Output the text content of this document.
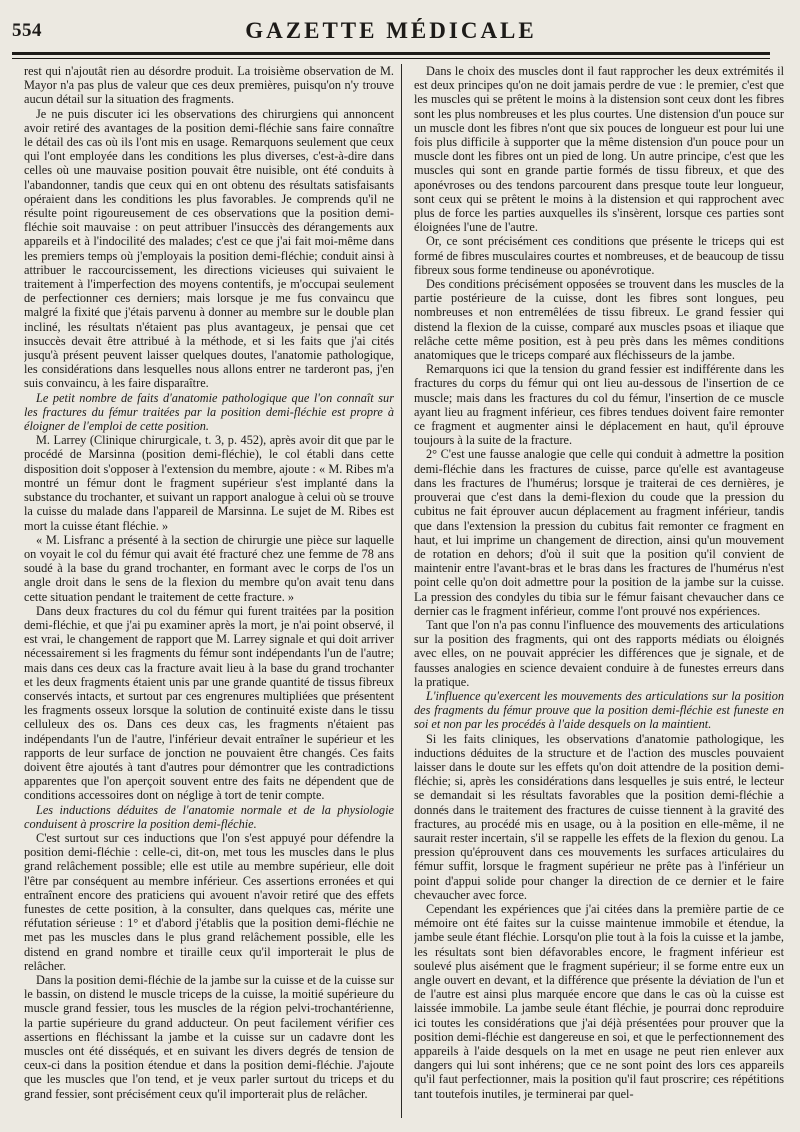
554	GAZETTE MÉDICALE

rest qui n'ajoutât rien au désordre produit. La troisième observation de M. Mayor n'a pas plus de valeur que ces deux premières, puisqu'on n'y trouve aucun détail sur la situation des fragments.

Je ne puis discuter ici les observations des chirurgiens qui annoncent avoir retiré des avantages de la position demi-fléchie sans faire connaître le détail des cas où ils l'ont mis en usage. Remarquons seulement que ceux qui l'ont employée dans les conditions les plus diverses, c'est-à-dire dans celles où une mauvaise position pouvait être nuisible, ont été conduits à l'abandonner, tandis que ceux qui en ont obtenu des résultats satisfaisants opéraient dans les conditions les plus favorables. Je comprends qu'il ne résulte point rigoureusement de ces observations que la position demi-fléchie soit mauvaise : on peut attribuer l'insuccès des dérangements aux appareils et à l'indocilité des malades; c'est ce que j'ai fait moi-même dans les premiers temps où j'employais la position demi-fléchie; conduit ainsi à attribuer le raccourcissement, les directions vicieuses qui suivaient le traitement à l'imperfection des moyens contentifs, je m'occupai seulement de perfectionner ces derniers; mais lorsque je me fus convaincu que malgré la fixité que j'étais parvenu à donner au membre sur le double plan incliné, les résultats n'étaient pas plus avantageux, je pensai que cet insuccès devait être attribué à la méthode, et si les faits que j'ai cités jusqu'à présent peuvent laisser quelques doutes, l'anatomie pathologique, les considérations dans lesquelles nous allons entrer ne tarderont pas, j'en suis convaincu, à les faire disparaître.

Le petit nombre de faits d'anatomie pathologique que l'on connaît sur les fractures du fémur traitées par la position demi-fléchie est propre à éloigner de l'emploi de cette position.

M. Larrey (Clinique chirurgicale, t. 3, p. 452), après avoir dit que par le procédé de Marsinna (position demi-fléchie), le col établi dans cette disposition doit s'opposer à l'extension du membre, ajoute : « M. Ribes m'a montré un fémur dont le fragment supérieur s'est implanté dans la substance du trochanter, et suivant un rapport analogue à celui où se trouve la cuisse du malade dans l'appareil de Marsinna. Le sujet de M. Ribes est mort la cuisse étant fléchie. »

« M. Lisfranc a présenté à la section de chirurgie une pièce sur laquelle on voyait le col du fémur qui avait été fracturé chez une femme de 78 ans soudé à la base du grand trochanter, en formant avec le corps de l'os un angle droit dans le sens de la flexion du membre qu'on avait tenu dans cette situation pendant le traitement de cette fracture. »

Dans deux fractures du col du fémur qui furent traitées par la position demi-fléchie, et que j'ai pu examiner après la mort, je n'ai point observé, il est vrai, le changement de rapport que M. Larrey signale et qui doit arriver nécessairement si les fragments du fémur sont indépendants l'un de l'autre; mais dans ces deux cas la fracture avait lieu à la base du grand trochanter et les deux fragments étaient unis par une grande quantité de tissus fibreux conservés intacts, et surtout par ces engrenures multipliées que présentent les fragments osseux lorsque la solution de continuité existe dans le tissu celluleux des os. Dans ces deux cas, les fragments n'étaient pas indépendants l'un de l'autre, l'inférieur devait entraîner le supérieur et les rapports de leur surface de jonction ne pouvaient être changés. Ces faits doivent être ajoutés à tant d'autres pour démontrer que les contradictions apparentes que l'on aperçoit souvent entre des faits ne dépendent que de conditions accessoires dont on néglige à tort de tenir compte.

Les inductions déduites de l'anatomie normale et de la physiologie conduisent à proscrire la position demi-fléchie.

C'est surtout sur ces inductions que l'on s'est appuyé pour défendre la position demi-fléchie : celle-ci, dit-on, met tous les muscles dans le plus grand relâchement possible; elle est utile au membre supérieur, elle doit l'être par conséquent au membre inférieur. Ces assertions erronées et qui entraînent encore des praticiens qui avouent n'avoir retiré que des effets funestes de cette position, à la consulter, dans quelques cas, mérite une réfutation sérieuse : 1° et d'abord j'établis que la position demi-fléchie ne met pas les muscles dans le plus grand relâchement possible, elle les distend en grand nombre et tiraille ceux qu'il importerait le plus de relâcher.

Dans la position demi-fléchie de la jambe sur la cuisse et de la cuisse sur le bassin, on distend le muscle triceps de la cuisse, la moitié supérieure du muscle grand fessier, tous les muscles de la région pelvi-trochantérienne, la partie supérieure du grand adducteur. On peut facilement vérifier ces assertions en fléchissant la jambe et la cuisse sur un cadavre dont les muscles ont été disséqués, et en suivant les divers degrés de tension de ceux-ci dans la position étendue et dans la position demi-fléchie. J'ajoute que les muscles que l'on tend, et je veux parler surtout du triceps et du grand fessier, sont précisément ceux qu'il importerait plus de relâcher.

Dans le choix des muscles dont il faut rapprocher les deux extrémités il est deux principes qu'on ne doit jamais perdre de vue : le premier, c'est que les muscles qui se prêtent le moins à la distension sont ceux dont les fibres sont les plus nombreuses et les plus courtes. Une distension d'un pouce sur un muscle dont les fibres n'ont que six pouces de longueur est pour lui une fois plus difficile à supporter que la même distension d'un pouce pour un muscle dont les fibres ont un pied de long. Un autre principe, c'est que les muscles qui sont en grande partie formés de tissu fibreux, et que des aponévroses ou des tendons parcourent dans presque toute leur longueur, sont ceux qui se prêtent le moins à la distension et qui rapprochent avec plus de force les parties auxquelles ils s'insèrent, lorsque ces parties sont éloignées l'une de l'autre.

Or, ce sont précisément ces conditions que présente le triceps qui est formé de fibres musculaires courtes et nombreuses, et de beaucoup de tissu fibreux sous forme tendineuse ou aponévrotique.

Des conditions précisément opposées se trouvent dans les muscles de la partie postérieure de la cuisse, dont les fibres sont longues, peu nombreuses et non entremêlées de tissu fibreux. Le grand fessier qui distend la flexion de la cuisse, comparé aux muscles psoas et iliaque que relâche cette même position, est à peu près dans les mêmes conditions anatomiques que le triceps comparé aux fléchisseurs de la jambe.

Remarquons ici que la tension du grand fessier est indifférente dans les fractures du corps du fémur qui ont lieu au-dessous de l'insertion de ce muscle; mais dans les fractures du col du fémur, l'insertion de ce muscle ayant lieu au fragment inférieur, ces fibres tendues doivent faire remonter ce fragment et augmenter ainsi le déplacement en haut, qu'il éprouve toujours à la suite de la fracture.

2° C'est une fausse analogie que celle qui conduit à admettre la position demi-fléchie dans les fractures de cuisse, parce qu'elle est avantageuse dans les fractures de l'humérus; lorsque je traiterai de ces dernières, je prouverai que c'est dans la demi-flexion du coude que la pression du cubitus ne fait éprouver aucun déplacement au fragment inférieur, tandis que dans l'extension la pression du cubitus fait remonter ce fragment en haut, et lui imprime un changement de direction, ainsi qu'un mouvement de rotation en dehors; d'où il suit que la position qu'il convient de maintenir entre l'avant-bras et le bras dans les fractures de l'humérus n'est point celle qu'on doit admettre pour la position de la jambe sur la cuisse. La pression des condyles du tibia sur le fémur faisant chevaucher dans ce dernier cas le fragment inférieur, comme l'ont prouvé nos expériences.

Tant que l'on n'a pas connu l'influence des mouvements des articulations sur la position des fragments, qui ont des rapports médiats ou éloignés avec elles, on ne pouvait apprécier les différences que je signale, et de fausses analogies en science devaient conduire à de funestes erreurs dans la pratique.

L'influence qu'exercent les mouvements des articulations sur la position des fragments du fémur prouve que la position demi-fléchie est funeste en soi et non par les procédés à l'aide desquels on la maintient.

Si les faits cliniques, les observations d'anatomie pathologique, les inductions déduites de la structure et de l'action des muscles pouvaient laisser dans le doute sur les effets qu'on doit attendre de la position demi-fléchie; si, après les considérations dans lesquelles je suis entré, le lecteur se demandait si les résultats favorables que la position demi-fléchie a donnés dans le traitement des fractures de cuisse tiennent à la gravité des fractures, au procédé mis en usage, ou à la position en elle-même, il ne saurait rester incertain, s'il se rappelle les effets de la flexion du genou. La pression qu'éprouvent dans ces mouvements les surfaces articulaires du fémur suffit, lorsque le fragment supérieur ne prête pas à l'inférieur un point d'appui solide pour changer la direction de ce dernier et le faire chevaucher avec force.

Cependant les expériences que j'ai citées dans la première partie de ce mémoire ont été faites sur la cuisse maintenue immobile et étendue, la jambe seule étant fléchie. Lorsqu'on plie tout à la fois la cuisse et la jambe, les résultats sont bien défavorables encore, le fragment inférieur est soulevé plus aisément que le fragment supérieur; il se forme entre eux un angle ouvert en devant, et la différence que présente la déviation de l'un et de l'autre est ainsi plus marquée encore que dans le cas où la cuisse est laissée immobile. La jambe seule étant fléchie, je pourrai donc reproduire ici toutes les considérations que j'ai déjà présentées pour prouver que la position demi-fléchie est dangereuse en soi, et que le perfectionnement des appareils à l'aide desquels on la met en usage ne peut rien enlever aux dangers qui lui sont inhérens; que ce ne sont point des lors ces appareils qu'il faut perfectionner, mais la position qu'il faut proscrire; ces répétitions tant toutefois inutiles, je terminerai par quel-
